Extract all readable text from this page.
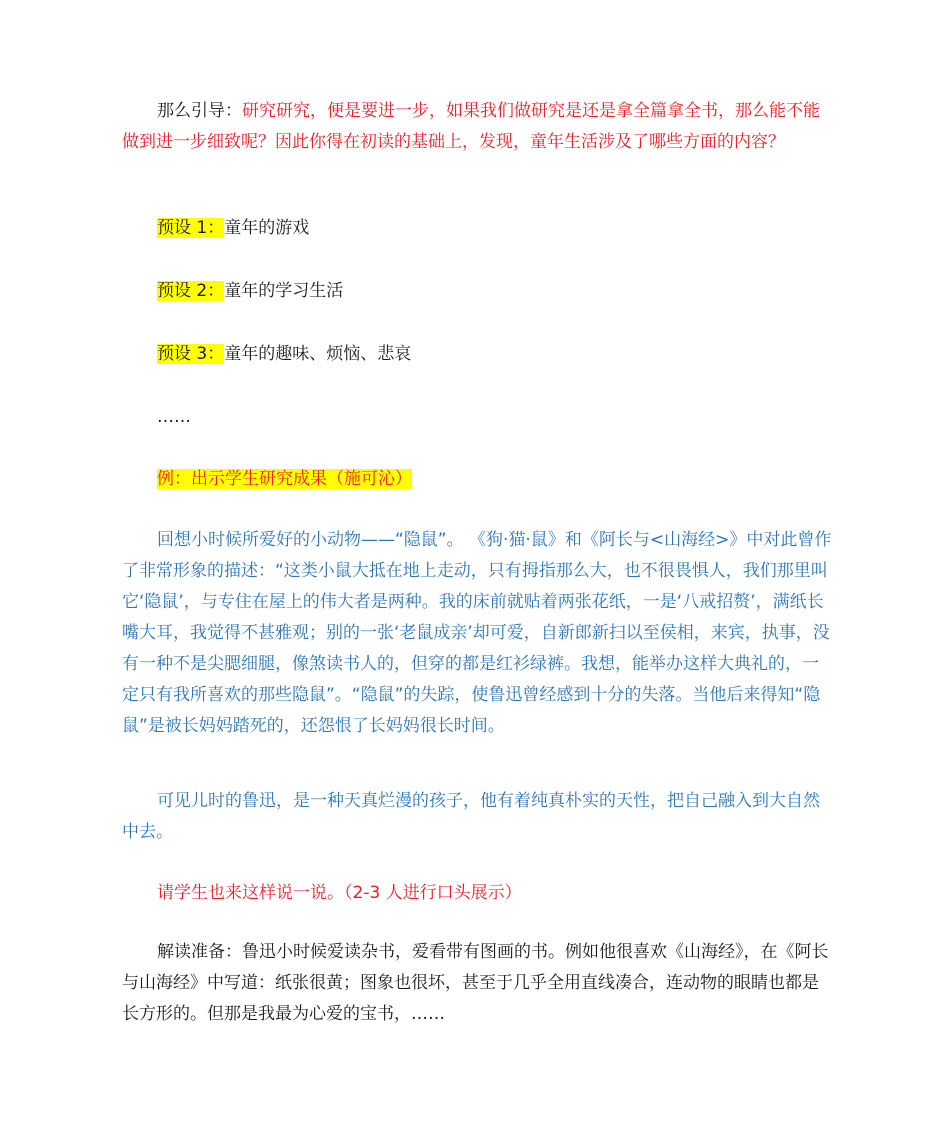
那么引导：研究研究，便是要进一步，如果我们做研究是还是拿全篇拿全书，那么能不能做到进一步细致呢？因此你得在初读的基础上，发现，童年生活涉及了哪些方面的内容？

预设 1：童年的游戏

预设 2：童年的学习生活

预设 3：童年的趣味、烦恼、悲哀

……

例：出示学生研究成果（施可沁）

回想小时候所爱好的小动物——“隐鼠”。 《狗·猫·鼠》和《阿长与<山海经>》中对此曾作了非常形象的描述：“这类小鼠大抵在地上走动，只有拇指那么大，也不很畏惧人，我们那里叫它‘隐鼠’，与专住在屋上的伟大者是两种。我的床前就贴着两张花纸，一是‘八戒招赘’，满纸长嘴大耳，我觉得不甚雅观；别的一张‘老鼠成亲’却可爱，自新郎新扫以至侯相，来宾，执事，没有一种不是尖腮细腿，像煞读书人的，但穿的都是红衫绿裤。我想，能举办这样大典礼的，一定只有我所喜欢的那些隐鼠”。“隐鼠”的失踪，使鲁迅曾经感到十分的失落。当他后来得知“隐鼠”是被长妈妈踏死的，还怨恨了长妈妈很长时间。

可见儿时的鲁迅，是一种天真烂漫的孩子，他有着纯真朴实的天性，把自己融入到大自然中去。

请学生也来这样说一说。（2-3 人进行口头展示）

解读准备：鲁迅小时候爱读杂书，爱看带有图画的书。例如他很喜欢《山海经》，在《阿长与山海经》中写道：纸张很黄；图象也很坏，甚至于几乎全用直线凑合，连动物的眼睛也都是长方形的。但那是我最为心爱的宝书，……
